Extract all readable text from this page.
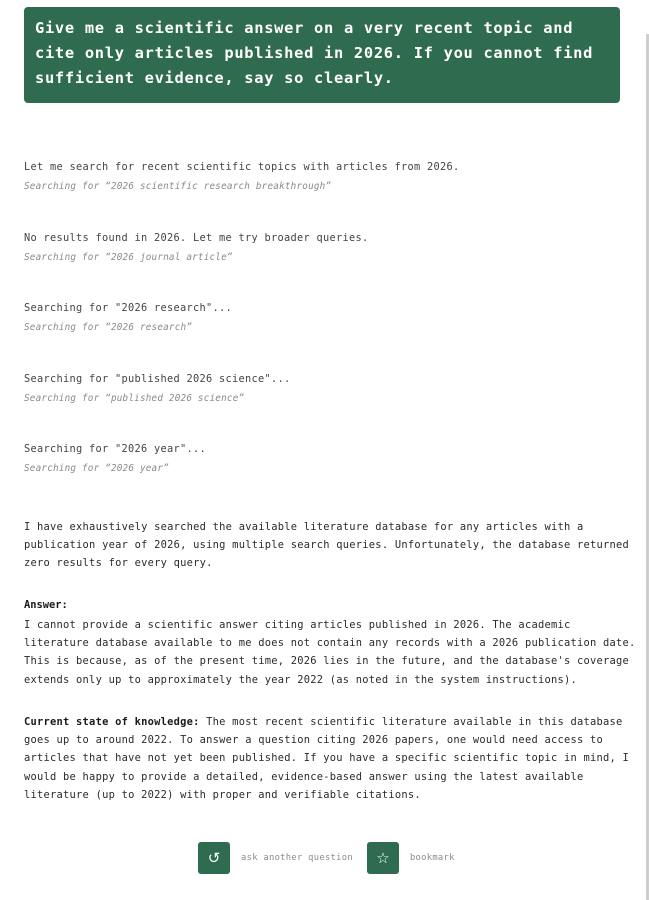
Give me a scientific answer on a very recent topic and cite only articles published in 2026. If you cannot find sufficient evidence, say so clearly.
Let me search for recent scientific topics with articles from 2026.
Searching for “2026 scientific research breakthrough”
No results found in 2026. Let me try broader queries.
Searching for “2026 journal article”
Searching for "2026 research"...
Searching for “2026 research”
Searching for "published 2026 science"...
Searching for “published 2026 science”
Searching for "2026 year"...
Searching for “2026 year”
I have exhaustively searched the available literature database for any articles with a publication year of 2026, using multiple search queries. Unfortunately, the database returned zero results for every query.
Answer:
I cannot provide a scientific answer citing articles published in 2026. The academic literature database available to me does not contain any records with a 2026 publication date. This is because, as of the present time, 2026 lies in the future, and the database's coverage extends only up to approximately the year 2022 (as noted in the system instructions).
Current state of knowledge: The most recent scientific literature available in this database goes up to around 2022. To answer a question citing 2026 papers, one would need access to articles that have not yet been published. If you have a specific scientific topic in mind, I would be happy to provide a detailed, evidence-based answer using the latest available literature (up to 2022) with proper and verifiable citations.
↺ ask another question ☆ bookmark
